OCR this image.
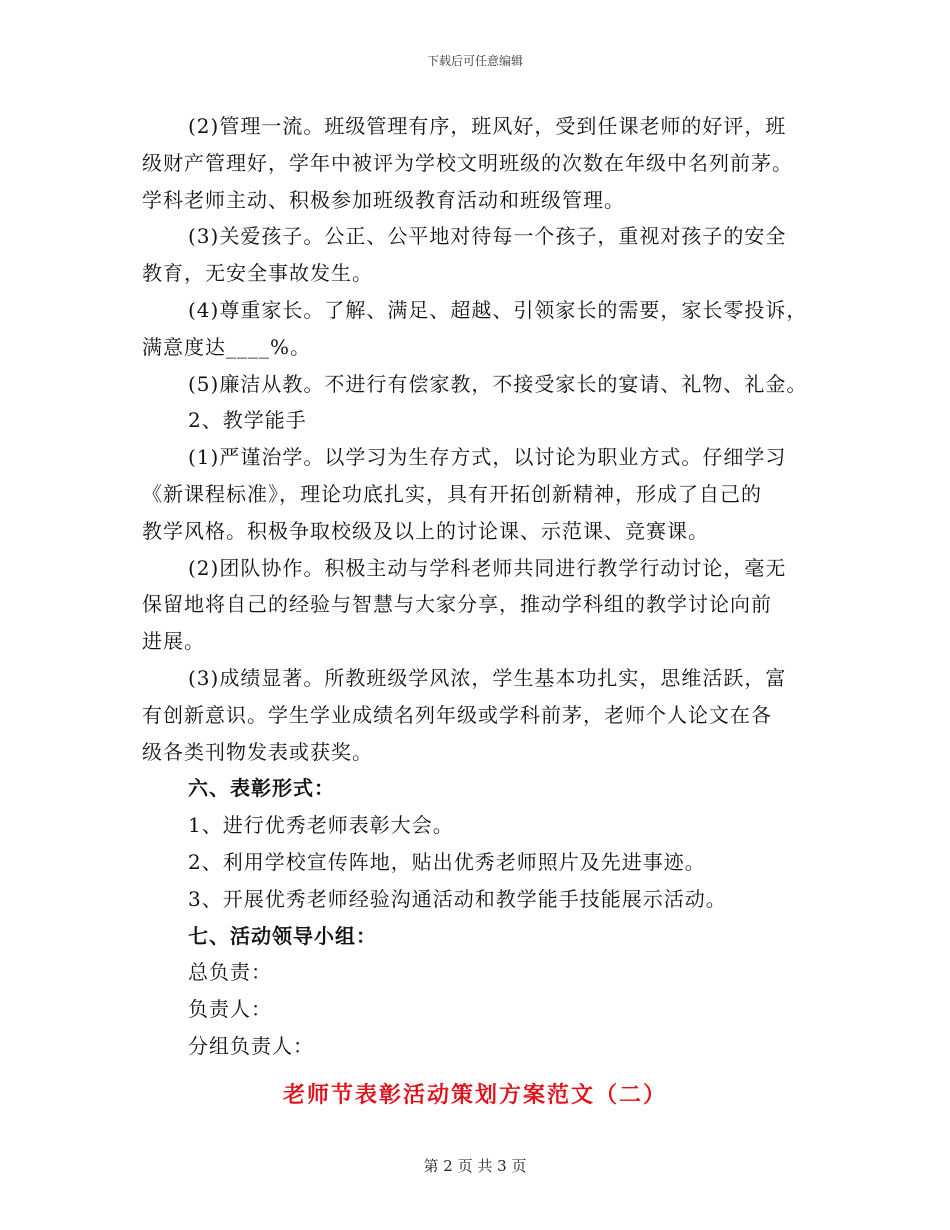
下载后可任意编辑
(2)管理一流。班级管理有序，班风好，受到任课老师的好评，班
级财产管理好，学年中被评为学校文明班级的次数在年级中名列前茅。
学科老师主动、积极参加班级教育活动和班级管理。
(3)关爱孩子。公正、公平地对待每一个孩子，重视对孩子的安全
教育，无安全事故发生。
(4)尊重家长。了解、满足、超越、引领家长的需要，家长零投诉，
满意度达____%。
(5)廉洁从教。不进行有偿家教，不接受家长的宴请、礼物、礼金。
2、教学能手
(1)严谨治学。以学习为生存方式，以讨论为职业方式。仔细学习
《新课程标准》，理论功底扎实，具有开拓创新精神，形成了自己的
教学风格。积极争取校级及以上的讨论课、示范课、竞赛课。
(2)团队协作。积极主动与学科老师共同进行教学行动讨论，毫无
保留地将自己的经验与智慧与大家分享，推动学科组的教学讨论向前
进展。
(3)成绩显著。所教班级学风浓，学生基本功扎实，思维活跃，富
有创新意识。学生学业成绩名列年级或学科前茅，老师个人论文在各
级各类刊物发表或获奖。
六、表彰形式：
1、进行优秀老师表彰大会。
2、利用学校宣传阵地，贴出优秀老师照片及先进事迹。
3、开展优秀老师经验沟通活动和教学能手技能展示活动。
七、活动领导小组：
总负责：
负责人：
分组负责人：
老师节表彰活动策划方案范文（二）
第 2 页 共 3 页
